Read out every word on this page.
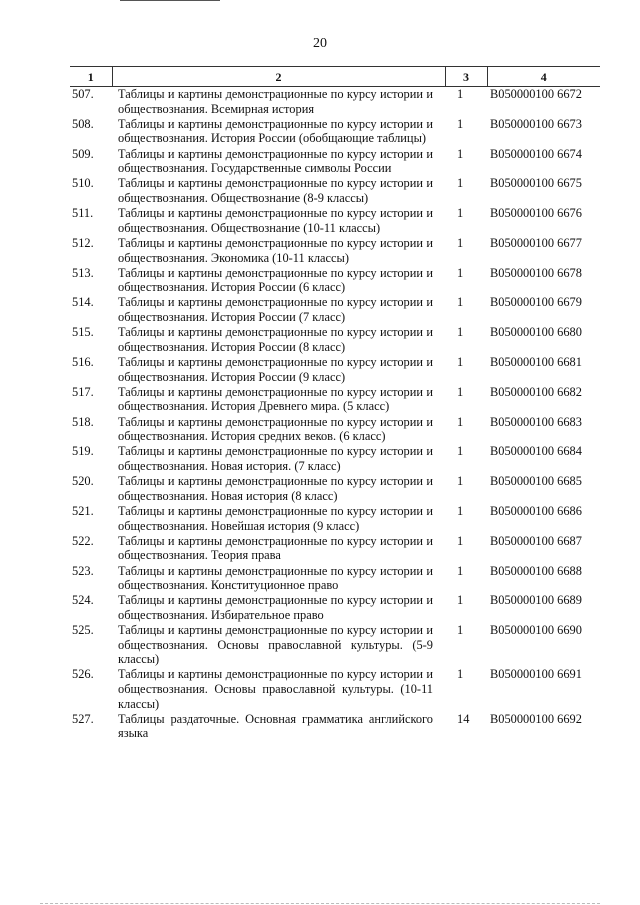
20
1	2	3	4
507.	Таблицы и картины демонстрационные по курсу истории и обществознания. Всемирная история	1	В050000100 6672
508.	Таблицы и картины демонстрационные по курсу истории и обществознания. История России (обобщающие таблицы)	1	В050000100 6673
509.	Таблицы и картины демонстрационные по курсу истории и обществознания. Государственные символы России	1	В050000100 6674
510.	Таблицы и картины демонстрационные по курсу истории и обществознания. Обществознание (8-9 классы)	1	В050000100 6675
511.	Таблицы и картины демонстрационные по курсу истории и обществознания. Обществознание (10-11 классы)	1	В050000100 6676
512.	Таблицы и картины демонстрационные по курсу истории и обществознания. Экономика (10-11 классы)	1	В050000100 6677
513.	Таблицы и картины демонстрационные по курсу истории и обществознания. История России (6 класс)	1	В050000100 6678
514.	Таблицы и картины демонстрационные по курсу истории и обществознания. История России (7 класс)	1	В050000100 6679
515.	Таблицы и картины демонстрационные по курсу истории и обществознания. История России (8 класс)	1	В050000100 6680
516.	Таблицы и картины демонстрационные по курсу истории и обществознания. История России (9 класс)	1	В050000100 6681
517.	Таблицы и картины демонстрационные по курсу истории и обществознания. История Древнего мира. (5 класс)	1	В050000100 6682
518.	Таблицы и картины демонстрационные по курсу истории и обществознания. История средних веков. (6 класс)	1	В050000100 6683
519.	Таблицы и картины демонстрационные по курсу истории и обществознания. Новая история. (7 класс)	1	В050000100 6684
520.	Таблицы и картины демонстрационные по курсу истории и обществознания. Новая история (8 класс)	1	В050000100 6685
521.	Таблицы и картины демонстрационные по курсу истории и обществознания. Новейшая история (9 класс)	1	В050000100 6686
522.	Таблицы и картины демонстрационные по курсу истории и обществознания. Теория права	1	В050000100 6687
523.	Таблицы и картины демонстрационные по курсу истории и обществознания. Конституционное право	1	В050000100 6688
524.	Таблицы и картины демонстрационные по курсу истории и обществознания. Избирательное право	1	В050000100 6689
525.	Таблицы и картины демонстрационные по курсу истории и обществознания. Основы православной культуры. (5-9 классы)	1	В050000100 6690
526.	Таблицы и картины демонстрационные по курсу истории и обществознания. Основы православной культуры. (10-11 классы)	1	В050000100 6691
527.	Таблицы раздаточные. Основная грамматика английского языка	14	В050000100 6692
